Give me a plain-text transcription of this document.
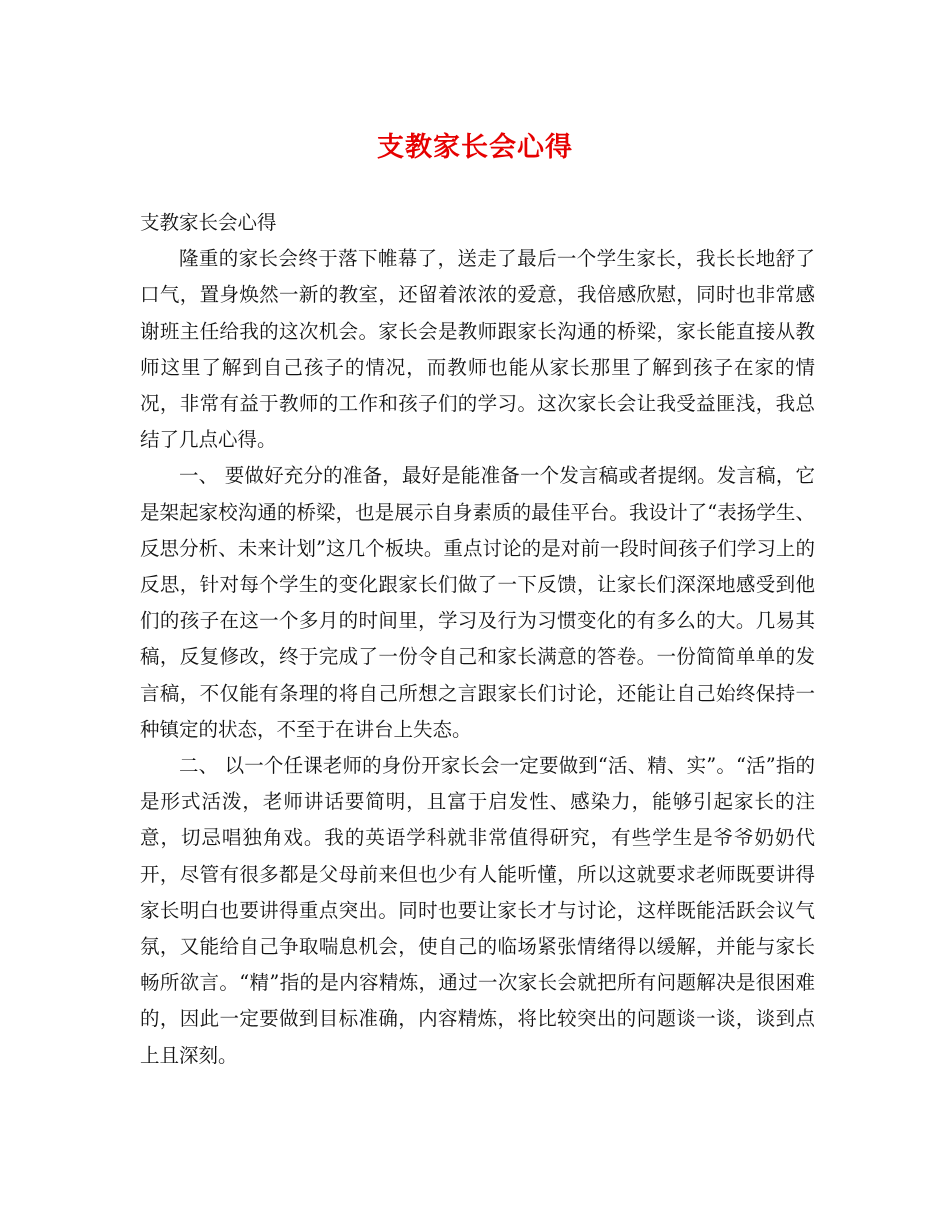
支教家长会心得

支教家长会心得

隆重的家长会终于落下帷幕了，送走了最后一个学生家长，我长长地舒了口气，置身焕然一新的教室，还留着浓浓的爱意，我倍感欣慰，同时也非常感谢班主任给我的这次机会。家长会是教师跟家长沟通的桥梁，家长能直接从教师这里了解到自己孩子的情况，而教师也能从家长那里了解到孩子在家的情况，非常有益于教师的工作和孩子们的学习。这次家长会让我受益匪浅，我总结了几点心得。

一、 要做好充分的准备，最好是能准备一个发言稿或者提纲。发言稿，它是架起家校沟通的桥梁，也是展示自身素质的最佳平台。我设计了“表扬学生、反思分析、未来计划”这几个板块。重点讨论的是对前一段时间孩子们学习上的反思，针对每个学生的变化跟家长们做了一下反馈，让家长们深深地感受到他们的孩子在这一个多月的时间里，学习及行为习惯变化的有多么的大。几易其稿，反复修改，终于完成了一份令自己和家长满意的答卷。一份简简单单的发言稿，不仅能有条理的将自己所想之言跟家长们讨论，还能让自己始终保持一种镇定的状态，不至于在讲台上失态。

二、 以一个任课老师的身份开家长会一定要做到“活、精、实”。“活”指的是形式活泼，老师讲话要简明，且富于启发性、感染力，能够引起家长的注意，切忌唱独角戏。我的英语学科就非常值得研究，有些学生是爷爷奶奶代开，尽管有很多都是父母前来但也少有人能听懂，所以这就要求老师既要讲得家长明白也要讲得重点突出。同时也要让家长才与讨论，这样既能活跃会议气氛，又能给自己争取喘息机会，使自己的临场紧张情绪得以缓解，并能与家长畅所欲言。“精”指的是内容精炼，通过一次家长会就把所有问题解决是很困难的，因此一定要做到目标准确，内容精炼，将比较突出的问题谈一谈，谈到点上且深刻。
